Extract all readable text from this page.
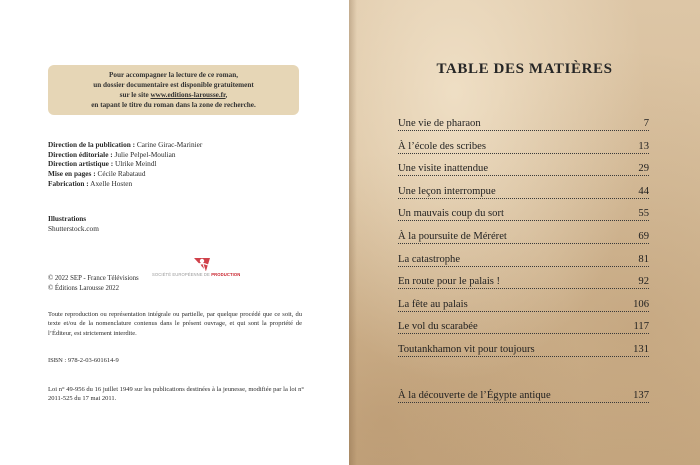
Pour accompagner la lecture de ce roman,
un dossier documentaire est disponible gratuitement
sur le site www.editions-larousse.fr,
en tapant le titre du roman dans la zone de recherche.
Direction de la publication : Carine Girac-Marinier
Direction éditoriale : Julie Pelpel-Moulian
Direction artistique : Ulrike Meindl
Mise en pages : Cécile Rabataud
Fabrication : Axelle Hosten
Illustrations
Shutterstock.com
© 2022 SEP - France Télévisions
© Éditions Larousse 2022
SOCIÉTÉ EUROPÉENNE DE PRODUCTION
Toute reproduction ou représentation intégrale ou partielle, par quelque procédé que ce soit, du texte et/ou de la nomenclature contenus dans le présent ouvrage, et qui sont la propriété de l’Éditeur, est strictement interdite.
ISBN : 978-2-03-601614-9
Loi n° 49-956 du 16 juillet 1949 sur les publications destinées à la jeunesse, modifiée par la loi n° 2011-525 du 17 mai 2011.
TABLE DES MATIÈRES
Une vie de pharaon	7
À l’école des scribes	13
Une visite inattendue	29
Une leçon interrompue	44
Un mauvais coup du sort	55
À la poursuite de Méréret	69
La catastrophe	81
En route pour le palais !	92
La fête au palais	106
Le vol du scarabée	117
Toutankhamon vit pour toujours	131
À la découverte de l’Égypte antique	137
